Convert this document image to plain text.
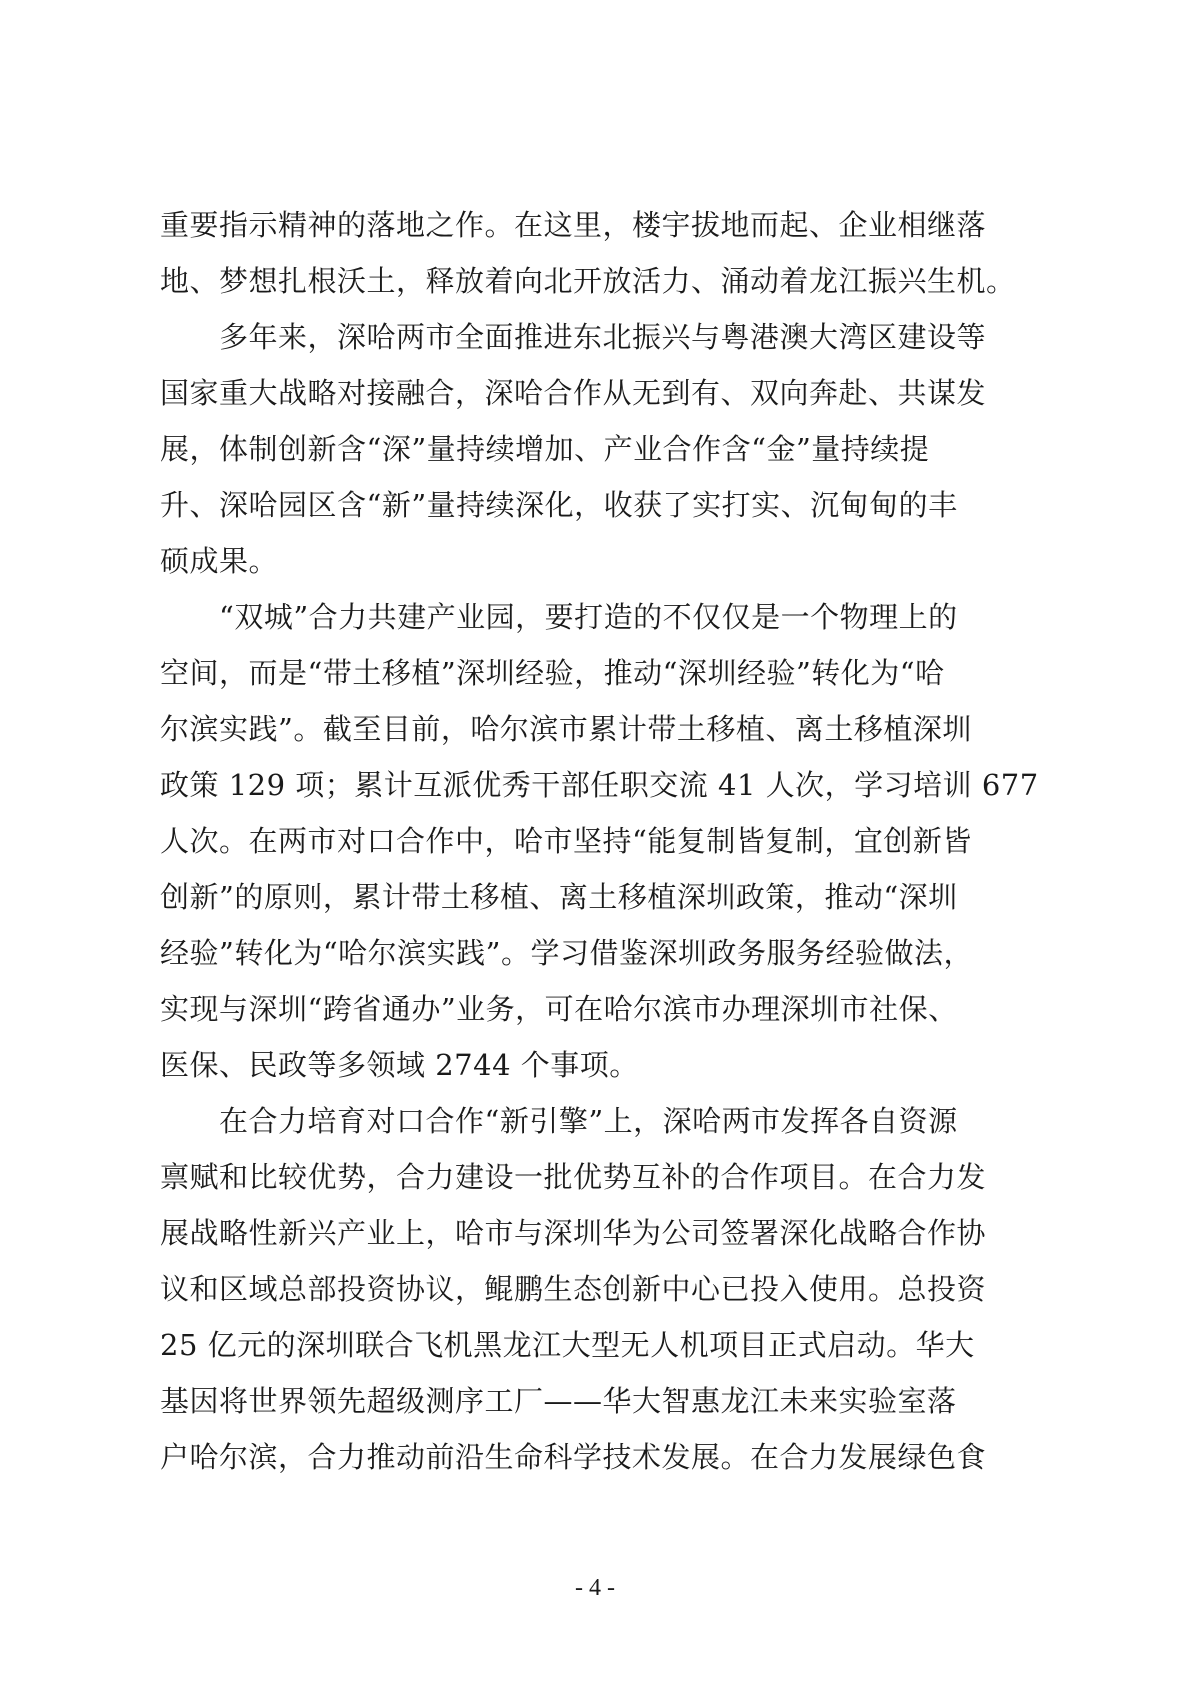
重要指示精神的落地之作。在这里，楼宇拔地而起、企业相继落
地、梦想扎根沃土，释放着向北开放活力、涌动着龙江振兴生机。
　　多年来，深哈两市全面推进东北振兴与粤港澳大湾区建设等
国家重大战略对接融合，深哈合作从无到有、双向奔赴、共谋发
展，体制创新含“深”量持续增加、产业合作含“金”量持续提
升、深哈园区含“新”量持续深化，收获了实打实、沉甸甸的丰
硕成果。
　　“双城”合力共建产业园，要打造的不仅仅是一个物理上的
空间，而是“带土移植”深圳经验，推动“深圳经验”转化为“哈
尔滨实践”。截至目前，哈尔滨市累计带土移植、离土移植深圳
政策 129 项；累计互派优秀干部任职交流 41 人次，学习培训 677
人次。在两市对口合作中，哈市坚持“能复制皆复制，宜创新皆
创新”的原则，累计带土移植、离土移植深圳政策，推动“深圳
经验”转化为“哈尔滨实践”。学习借鉴深圳政务服务经验做法，
实现与深圳“跨省通办”业务，可在哈尔滨市办理深圳市社保、
医保、民政等多领域 2744 个事项。
　　在合力培育对口合作“新引擎”上，深哈两市发挥各自资源
禀赋和比较优势，合力建设一批优势互补的合作项目。在合力发
展战略性新兴产业上，哈市与深圳华为公司签署深化战略合作协
议和区域总部投资协议，鲲鹏生态创新中心已投入使用。总投资
25 亿元的深圳联合飞机黑龙江大型无人机项目正式启动。华大
基因将世界领先超级测序工厂——华大智惠龙江未来实验室落
户哈尔滨，合力推动前沿生命科学技术发展。在合力发展绿色食
- 4 -
